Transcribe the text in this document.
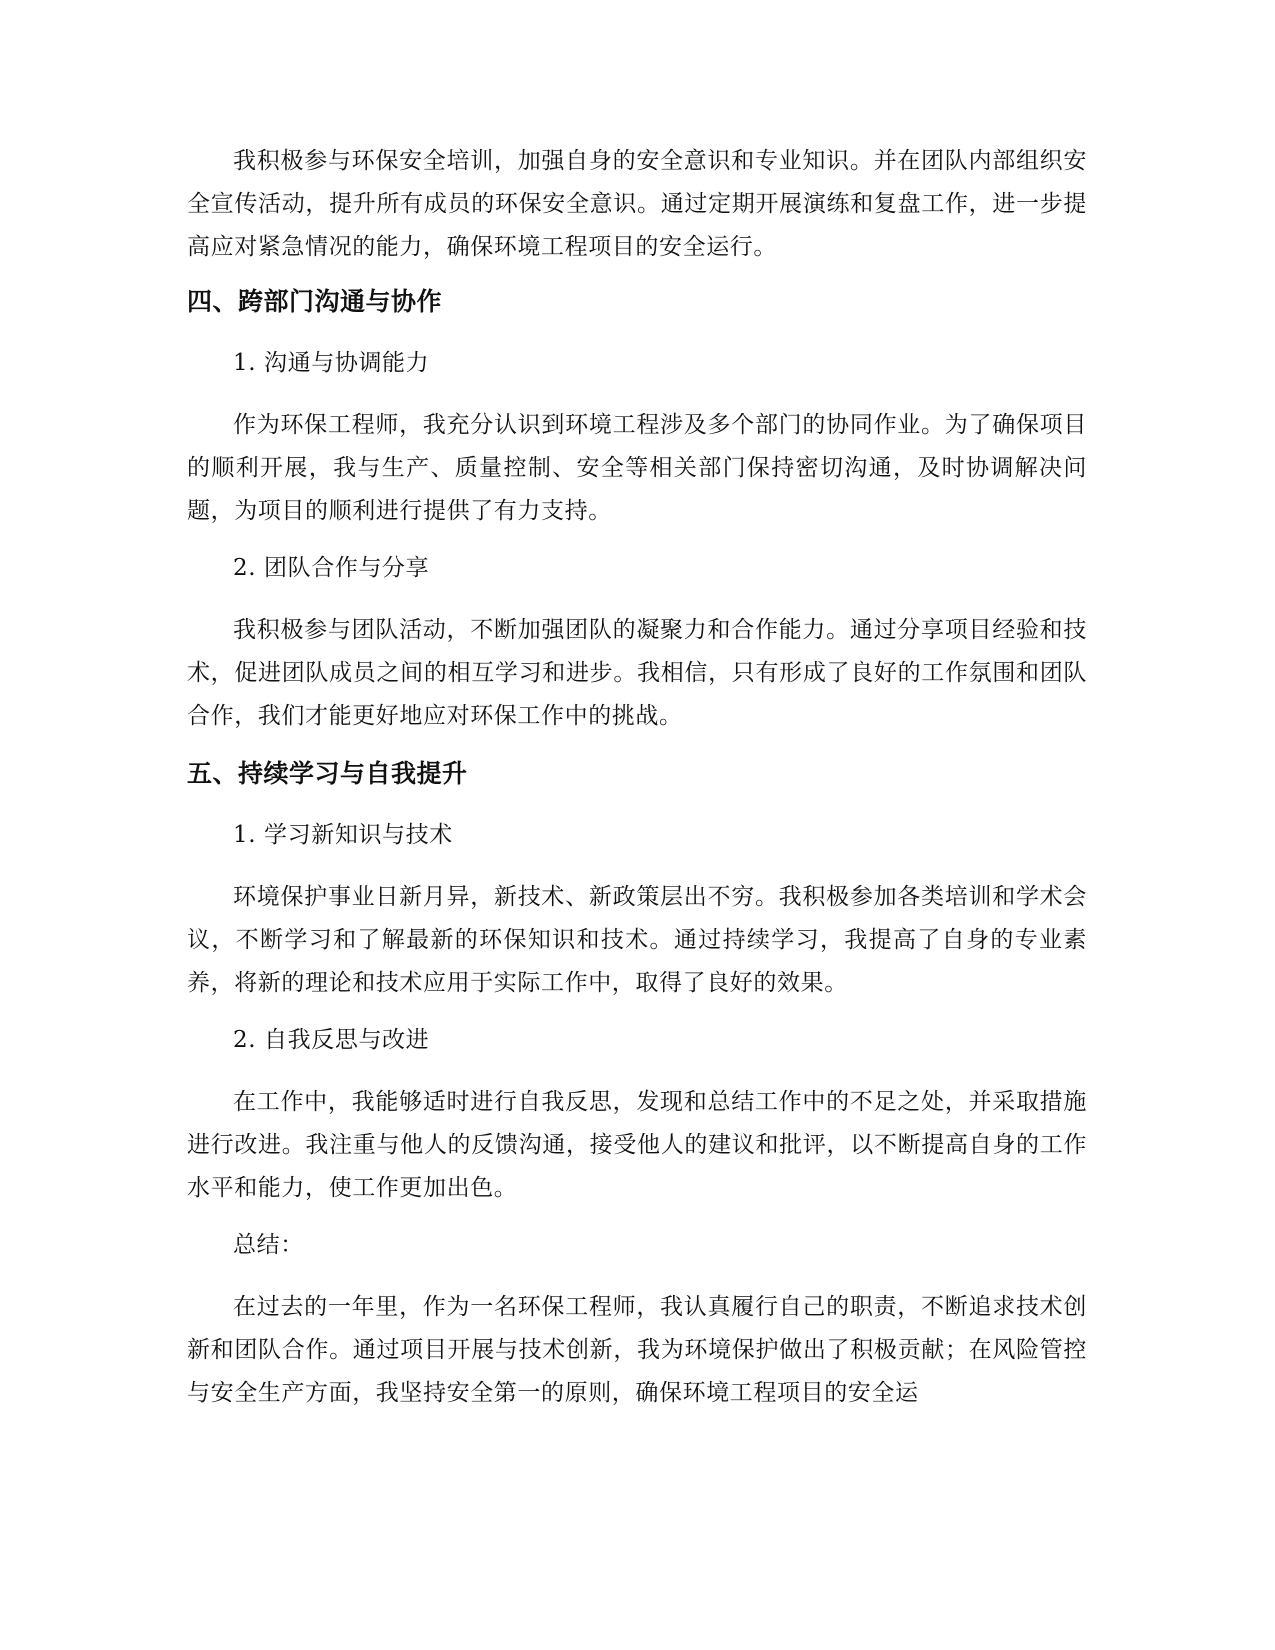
我积极参与环保安全培训，加强自身的安全意识和专业知识。并在团队内部组织安全宣传活动，提升所有成员的环保安全意识。通过定期开展演练和复盘工作，进一步提高应对紧急情况的能力，确保环境工程项目的安全运行。

四、跨部门沟通与协作

1. 沟通与协调能力

作为环保工程师，我充分认识到环境工程涉及多个部门的协同作业。为了确保项目的顺利开展，我与生产、质量控制、安全等相关部门保持密切沟通，及时协调解决问题，为项目的顺利进行提供了有力支持。

2. 团队合作与分享

我积极参与团队活动，不断加强团队的凝聚力和合作能力。通过分享项目经验和技术，促进团队成员之间的相互学习和进步。我相信，只有形成了良好的工作氛围和团队合作，我们才能更好地应对环保工作中的挑战。

五、持续学习与自我提升

1. 学习新知识与技术

环境保护事业日新月异，新技术、新政策层出不穷。我积极参加各类培训和学术会议，不断学习和了解最新的环保知识和技术。通过持续学习，我提高了自身的专业素养，将新的理论和技术应用于实际工作中，取得了良好的效果。

2. 自我反思与改进

在工作中，我能够适时进行自我反思，发现和总结工作中的不足之处，并采取措施进行改进。我注重与他人的反馈沟通，接受他人的建议和批评，以不断提高自身的工作水平和能力，使工作更加出色。

总结：

在过去的一年里，作为一名环保工程师，我认真履行自己的职责，不断追求技术创新和团队合作。通过项目开展与技术创新，我为环境保护做出了积极贡献；在风险管控与安全生产方面，我坚持安全第一的原则，确保环境工程项目的安全运
